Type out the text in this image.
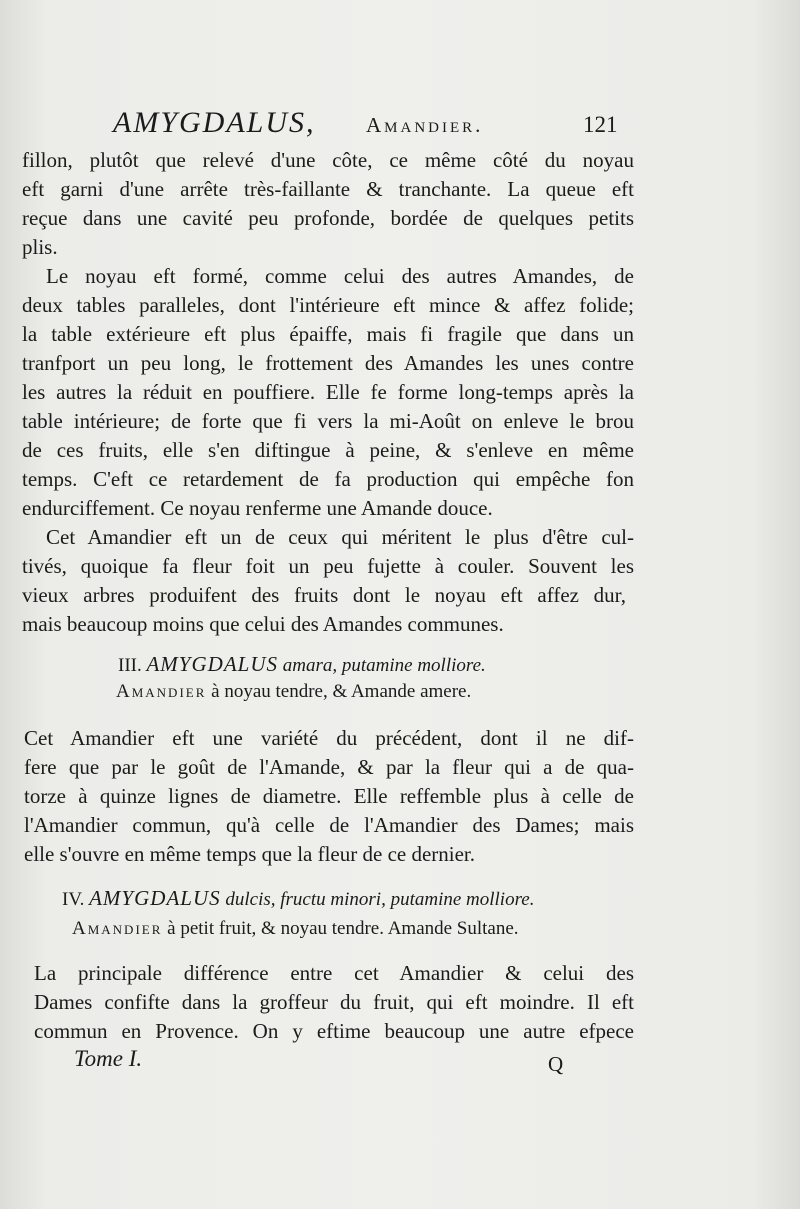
AMYGDALUS, Amandier.	121
fillon, plutôt que relevé d'une côte, ce même côté du noyau
eft garni d'une arrête très-faillante & tranchante. La queue eft
reçue dans une cavité peu profonde, bordée de quelques petits
plis.
Le noyau eft formé, comme celui des autres Amandes, de
deux tables paralleles, dont l'intérieure eft mince & affez folide;
la table extérieure eft plus épaiffe, mais fi fragile que dans un
tranfport un peu long, le frottement des Amandes les unes contre
les autres la réduit en pouffiere. Elle fe forme long-temps après la
table intérieure; de forte que fi vers la mi-Août on enleve le brou
de ces fruits, elle s'en diftingue à peine, & s'enleve en même
temps. C'eft ce retardement de fa production qui empêche fon
endurciffement. Ce noyau renferme une Amande douce.
Cet Amandier eft un de ceux qui méritent le plus d'être cul-
tivés, quoique fa fleur foit un peu fujette à couler. Souvent les
vieux arbres produifent des fruits dont le noyau eft affez dur,
mais beaucoup moins que celui des Amandes communes.
III. AMYGDALUS amara, putamine molliore.
Amandier à noyau tendre, & Amande amere.
Cet Amandier eft une variété du précédent, dont il ne dif-
fere que par le goût de l'Amande, & par la fleur qui a de qua-
torze à quinze lignes de diametre. Elle reffemble plus à celle de
l'Amandier commun, qu'à celle de l'Amandier des Dames; mais
elle s'ouvre en même temps que la fleur de ce dernier.
IV. AMYGDALUS dulcis, fructu minori, putamine molliore.
Amandier à petit fruit, & noyau tendre. Amande Sultane.
La principale différence entre cet Amandier & celui des
Dames confifte dans la groffeur du fruit, qui eft moindre. Il eft
commun en Provence. On y eftime beaucoup une autre efpece
Tome I.	Q
